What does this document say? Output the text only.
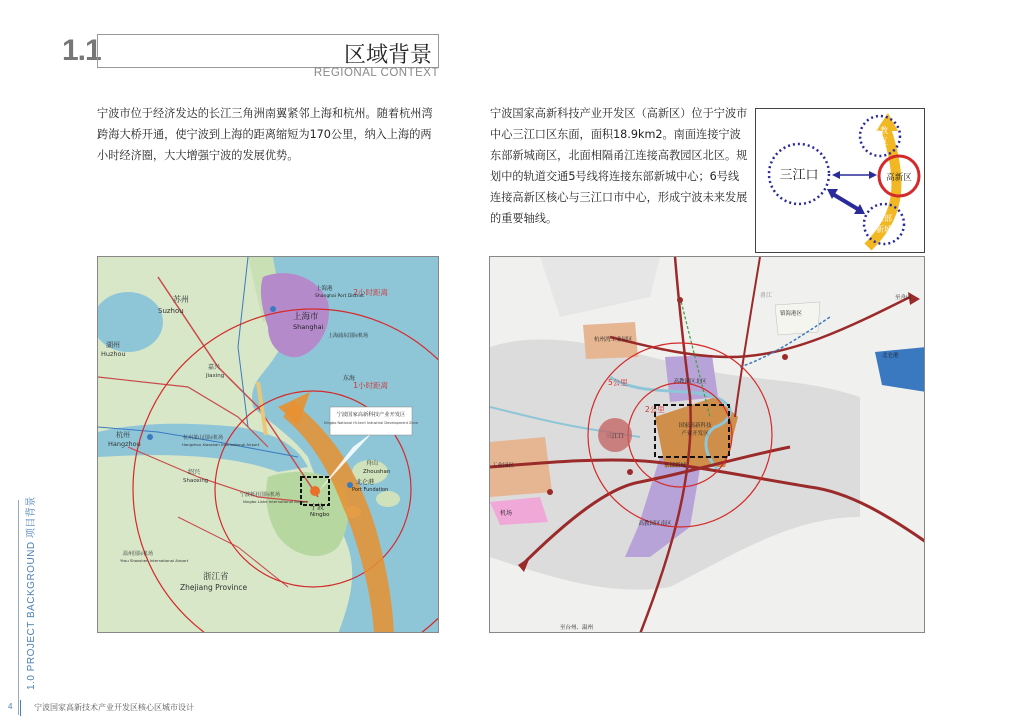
1.1	区域背景
REGIONAL CONTEXT
宁波市位于经济发达的长江三角洲南翼紧邻上海和杭州。随着杭州湾跨海大桥开通，使宁波到上海的距离缩短为170公里，纳入上海的两小时经济圈，大大增强宁波的发展优势。
宁波国家高新科技产业开发区（高新区）位于宁波市中心三江口区东面，面积18.9km2。南面连接宁波东部新城商区，北面相隔甬江连接高教园区北区。规划中的轨道交通5号线将连接东部新城中心；6号线连接高新区核心与三江口市中心，形成宁波未来发展的重要轴线。
三江口
高教
园区
高新区
东部
新城
2小时距离
1小时距离
苏州
Suzhou
湖州
Huzhou
上海市
Shanghai
上海港
Shanghai Port District
上海浦东国际机场
嘉兴
Jiaxing
杭州
Hangzhou
杭州萧山国际机场
Hangzhou Xiaoshan International Airport
绍兴
Shaoxing
宁波栎社国际机场
Ningbo Lishe International Airport
宁波
Ningbo
舟山
Zhoushan
北仑港
Port Fundation
东海
宁波国家高新科技产业开发区
Ningbo National Hi-tech Industrial Development Zone
温州国际机场
Yiwu Shaoshen International Airport
浙江省
Zhejiang Province
5公里
2公里
三江口
国家高新科技
产业开发区
高教园区北区
东部新城
高教园区南区
机场
工业园区
杭州湾工业园区
镇海港区
北仑港
至舟山
至台州、温州
甬江
1.0 PROJECT BACKGROUND 项目背景
4	宁波国家高新技术产业开发区核心区城市设计
